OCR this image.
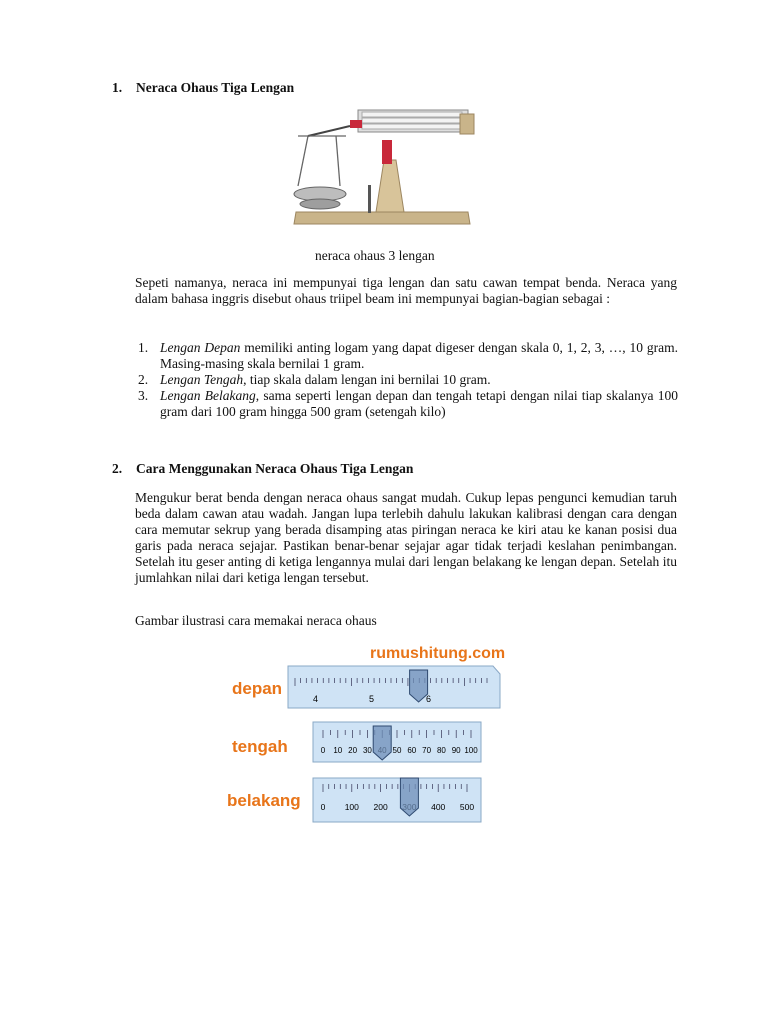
1. Neraca Ohaus Tiga Lengan
neraca ohaus 3 lengan

Sepeti namanya, neraca ini mempunyai tiga lengan dan satu cawan tempat benda. Neraca yang dalam bahasa inggris disebut ohaus triipel beam ini mempunyai bagian-bagian sebagai :

1. Lengan Depan memiliki anting logam yang dapat digeser dengan skala 0, 1, 2, 3, …, 10 gram. Masing-masing skala bernilai 1 gram.
2. Lengan Tengah, tiap skala dalam lengan ini bernilai 10 gram.
3. Lengan Belakang, sama seperti lengan depan dan tengah tetapi dengan nilai tiap skalanya 100 gram dari 100 gram hingga 500 gram (setengah kilo)
2. Cara Menggunakan Neraca Ohaus Tiga Lengan

Mengukur berat benda dengan neraca ohaus sangat mudah. Cukup lepas pengunci kemudian taruh beda dalam cawan atau wadah. Jangan lupa terlebih dahulu lakukan kalibrasi dengan cara dengan cara memutar sekrup yang berada disamping atas piringan neraca ke kiri atau ke kanan posisi dua garis pada neraca sejajar. Pastikan benar-benar sejajar agar tidak terjadi keslahan penimbangan. Setelah itu geser anting di ketiga lengannya mulai dari lengan belakang ke lengan depan. Setelah itu jumlahkan nilai dari ketiga lengan tersebut.

Gambar ilustrasi cara memakai neraca ohaus
rumushitung.com
depan
4	5	6
tengah	0 10 20 30	50 60 70 80 90 100
belakang 0 100 200	400 500
